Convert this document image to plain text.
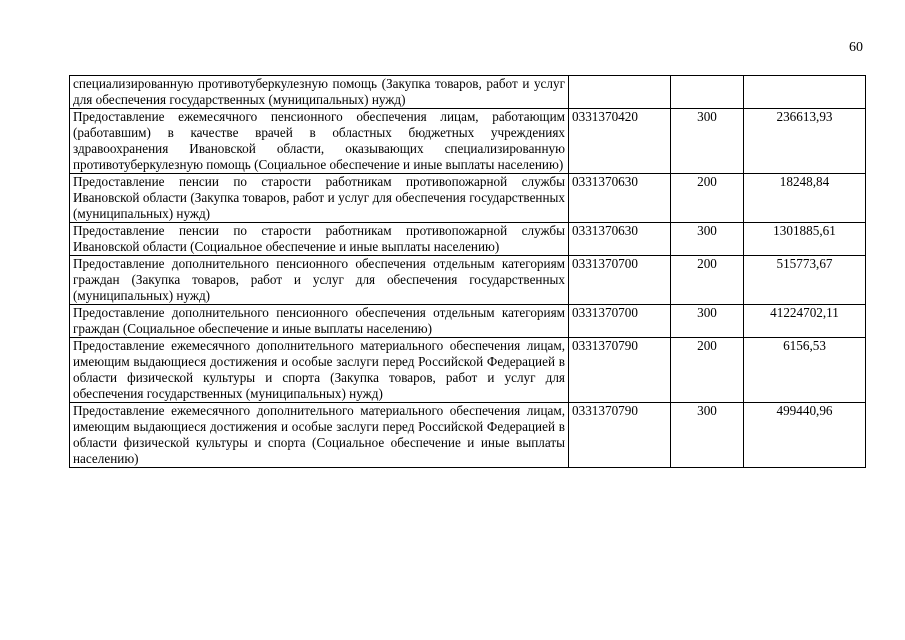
60
специализированную противотуберкулезную помощь (Закупка товаров, работ и услуг для обеспечения государственных (муниципальных) нужд)			
Предоставление ежемесячного пенсионного обеспечения лицам, работающим (работавшим) в качестве врачей в областных бюджетных учреждениях здравоохранения Ивановской области, оказывающих специализированную противотуберкулезную помощь (Социальное обеспечение и иные выплаты населению)	0331370420	300	236613,93
Предоставление пенсии по старости работникам противопожарной службы Ивановской области (Закупка товаров, работ и услуг для обеспечения государственных (муниципальных) нужд)	0331370630	200	18248,84
Предоставление пенсии по старости работникам противопожарной службы Ивановской области (Социальное обеспечение и иные выплаты населению)	0331370630	300	1301885,61
Предоставление дополнительного пенсионного обеспечения отдельным категориям граждан (Закупка товаров, работ и услуг для обеспечения государственных (муниципальных) нужд)	0331370700	200	515773,67
Предоставление дополнительного пенсионного обеспечения отдельным категориям граждан (Социальное обеспечение и иные выплаты населению)	0331370700	300	41224702,11
Предоставление ежемесячного дополнительного материального обеспечения лицам, имеющим выдающиеся достижения и особые заслуги перед Российской Федерацией в области физической культуры и спорта (Закупка товаров, работ и услуг для обеспечения государственных (муниципальных) нужд)	0331370790	200	6156,53
Предоставление ежемесячного дополнительного материального обеспечения лицам, имеющим выдающиеся достижения и особые заслуги перед Российской Федерацией в области физической культуры и спорта (Социальное обеспечение и иные выплаты населению)	0331370790	300	499440,96
